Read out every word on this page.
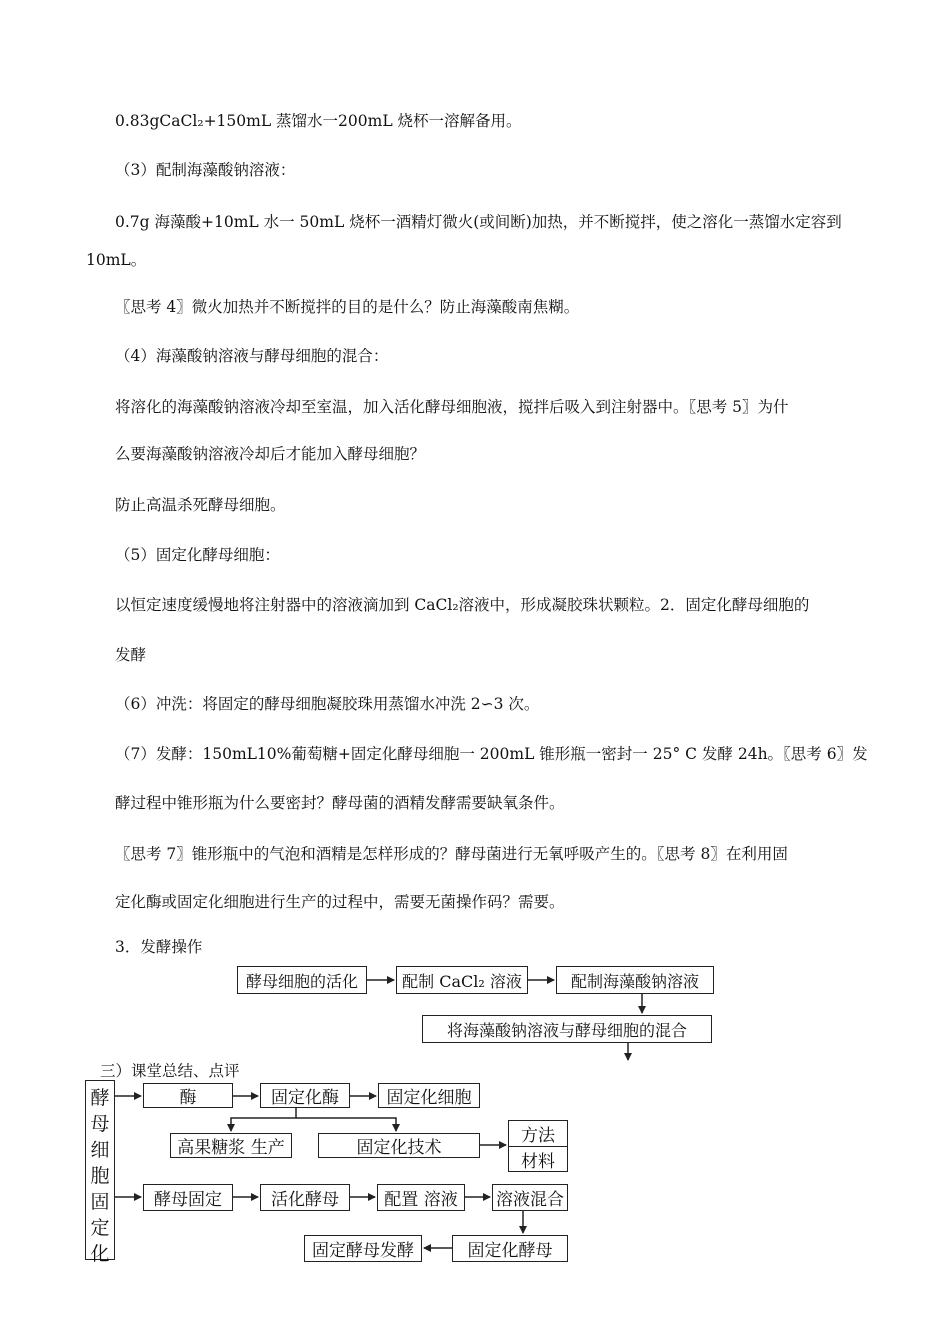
0.83gCaCl₂+150mL 蒸馏水一200mL 烧杯一溶解备用。
（3）配制海藻酸钠溶液：
0.7g 海藻酸+10mL 水一 50mL 烧杯一酒精灯微火(或间断)加热，并不断搅拌，使之溶化一蒸馏水定容到
10mL。
〖思考 4〗微火加热并不断搅拌的目的是什么？防止海藻酸南焦糊。
（4）海藻酸钠溶液与酵母细胞的混合：
将溶化的海藻酸钠溶液冷却至室温，加入活化酵母细胞液，搅拌后吸入到注射器中。〖思考 5〗为什
么要海藻酸钠溶液冷却后才能加入酵母细胞？
防止高温杀死酵母细胞。
（5）固定化酵母细胞：
以恒定速度缓慢地将注射器中的溶液滴加到 CaCl₂溶液中，形成凝胶珠状颗粒。2．固定化酵母细胞的
发酵
（6）冲洗：将固定的酵母细胞凝胶珠用蒸馏水冲洗 2∽3 次。
（7）发酵：150mL10%葡萄糖+固定化酵母细胞一 200mL 锥形瓶一密封一 25° C 发酵 24h。〖思考 6〗发
酵过程中锥形瓶为什么要密封？酵母菌的酒精发酵需要缺氧条件。
〖思考 7〗锥形瓶中的气泡和酒精是怎样形成的？酵母菌进行无氧呼吸产生的。〖思考 8〗在利用固
定化酶或固定化细胞进行生产的过程中，需要无菌操作码？需要。
3．发酵操作
酵母细胞的活化	配制 CaCl₂ 溶液	配制海藻酸钠溶液
将海藻酸钠溶液与酵母细胞的混合
三）课堂总结、点评
酵
母
细
胞
固
定
化
酶	固定化酶	固定化细胞
高果糖浆 生产	固定化技术
方法
材料
酵母固定	活化酵母	配置 溶液	溶液混合
固定化酵母
固定酵母发酵
